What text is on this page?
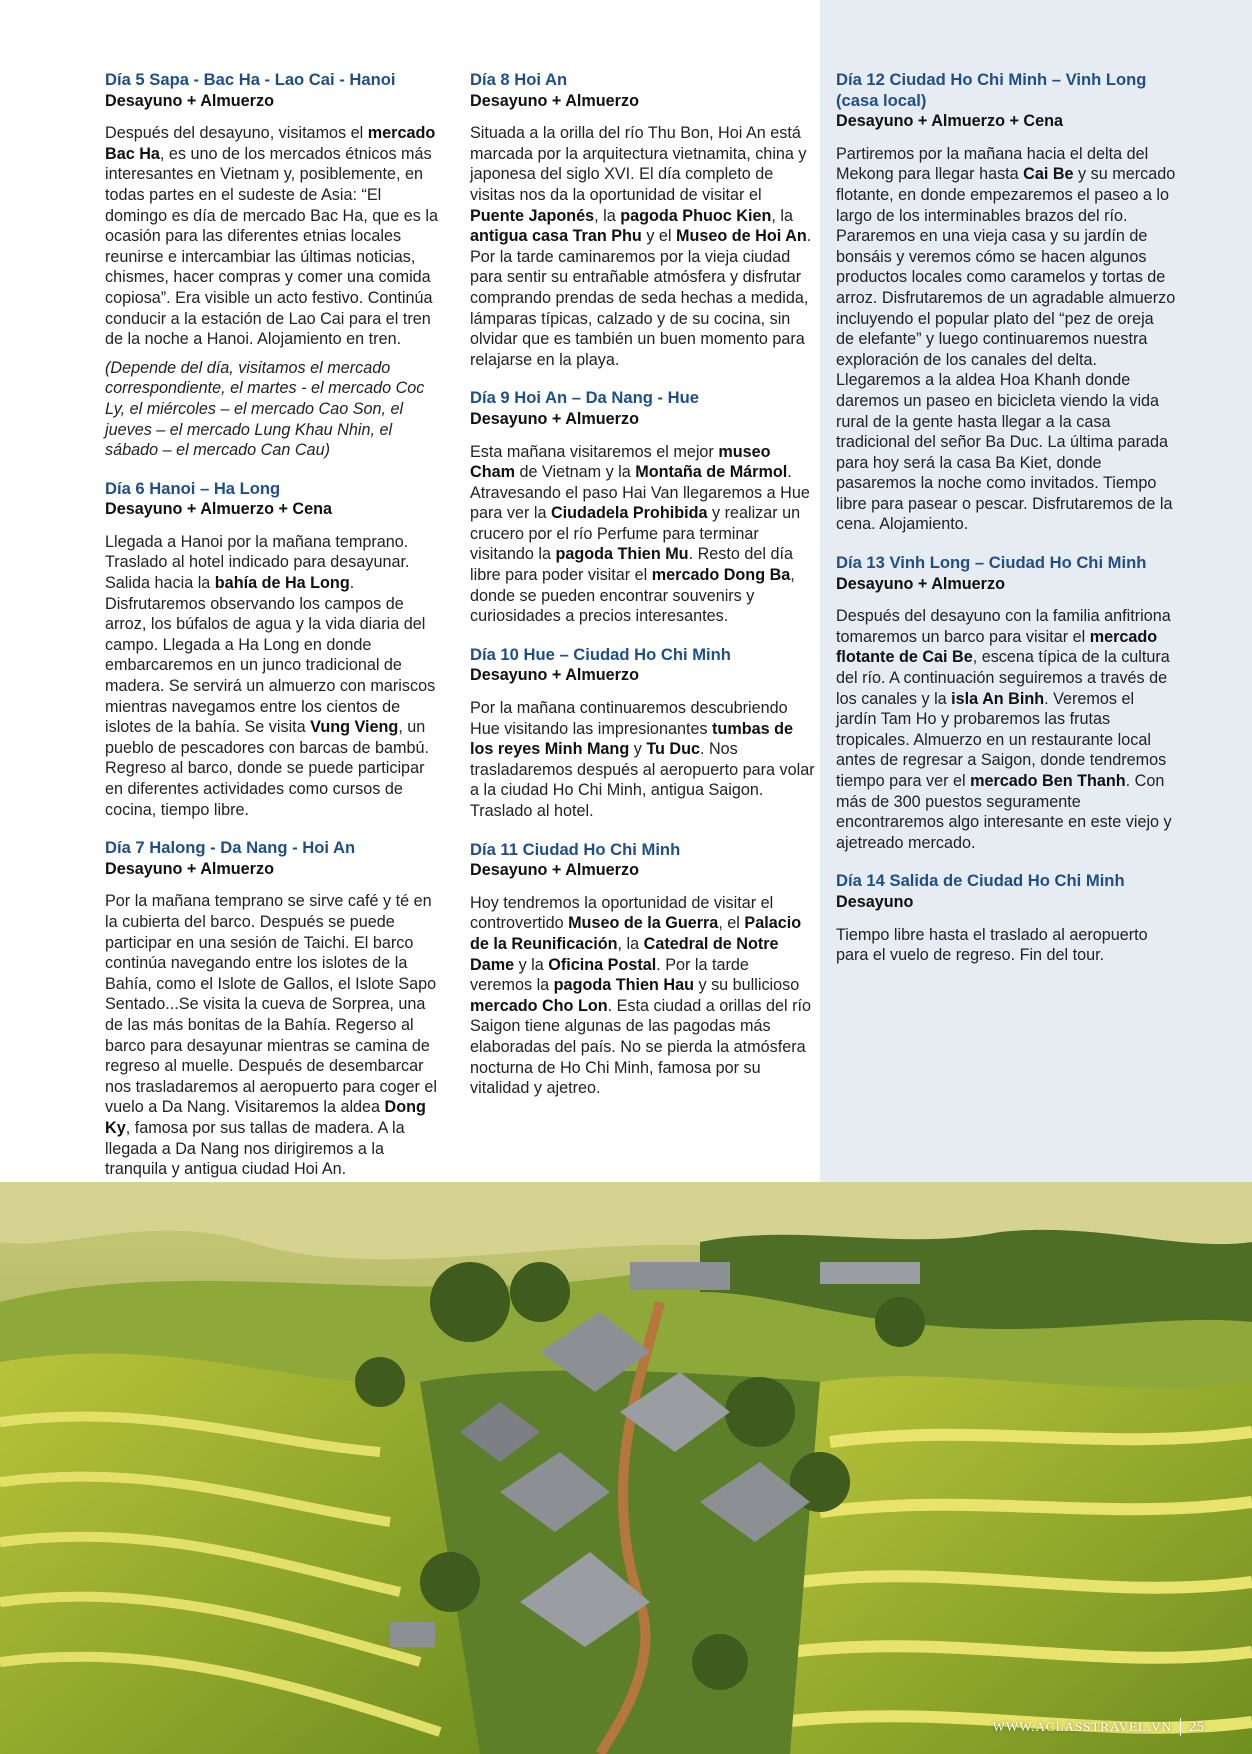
Día 5 Sapa - Bac Ha - Lao Cai - Hanoi
Desayuno + Almuerzo

Después del desayuno, visitamos el mercado Bac Ha, es uno de los mercados étnicos más interesantes en Vietnam y, posiblemente, en todas partes en el sudeste de Asia: “El domingo es día de mercado Bac Ha, que es la ocasión para las diferentes etnias locales reunirse e intercambiar las últimas noticias, chismes, hacer compras y comer una comida copiosa”. Era visible un acto festivo. Continúa conducir a la estación de Lao Cai para el tren de la noche a Hanoi. Alojamiento en tren.

(Depende del día, visitamos el mercado correspondiente, el martes - el mercado Coc Ly, el miércoles – el mercado Cao Son, el jueves – el mercado Lung Khau Nhin, el sábado – el mercado Can Cau)

Día 6 Hanoi – Ha Long
Desayuno + Almuerzo + Cena

Llegada a Hanoi por la mañana temprano. Traslado al hotel indicado para desayunar. Salida hacia la bahía de Ha Long. Disfrutaremos observando los campos de arroz, los búfalos de agua y la vida diaria del campo. Llegada a Ha Long en donde embarcaremos en un junco tradicional de madera. Se servirá un almuerzo con mariscos mientras navegamos entre los cientos de islotes de la bahía. Se visita Vung Vieng, un pueblo de pescadores con barcas de bambú. Regreso al barco, donde se puede participar en diferentes actividades como cursos de cocina, tiempo libre.

Día 7 Halong - Da Nang - Hoi An
Desayuno + Almuerzo

Por la mañana temprano se sirve café y té en la cubierta del barco. Después se puede participar en una sesión de Taichi. El barco continúa navegando entre los islotes de la Bahía, como el Islote de Gallos, el Islote Sapo Sentado...Se visita la cueva de Sorprea, una de las más bonitas de la Bahía. Regerso al barco para desayunar mientras se camina de regreso al muelle. Después de desembarcar nos trasladaremos al aeropuerto para coger el vuelo a Da Nang. Visitaremos la aldea Dong Ky, famosa por sus tallas de madera. A la llegada a Da Nang nos dirigiremos a la tranquila y antigua ciudad Hoi An.

Día 8 Hoi An
Desayuno + Almuerzo

Situada a la orilla del río Thu Bon, Hoi An está marcada por la arquitectura vietnamita, china y japonesa del siglo XVI. El día completo de visitas nos da la oportunidad de visitar el Puente Japonés, la pagoda Phuoc Kien, la antigua casa Tran Phu y el Museo de Hoi An. Por la tarde caminaremos por la vieja ciudad para sentir su entrañable atmósfera y disfrutar comprando prendas de seda hechas a medida, lámparas típicas, calzado y de su cocina, sin olvidar que es también un buen momento para relajarse en la playa.

Día 9 Hoi An – Da Nang - Hue
Desayuno + Almuerzo

Esta mañana visitaremos el mejor museo Cham de Vietnam y la Montaña de Mármol. Atravesando el paso Hai Van llegaremos a Hue para ver la Ciudadela Prohibida y realizar un crucero por el río Perfume para terminar visitando la pagoda Thien Mu. Resto del día libre para poder visitar el mercado Dong Ba, donde se pueden encontrar souvenirs y curiosidades a precios interesantes.

Día 10 Hue – Ciudad Ho Chi Minh
Desayuno + Almuerzo

Por la mañana continuaremos descubriendo Hue visitando las impresionantes tumbas de los reyes Minh Mang y Tu Duc. Nos trasladaremos después al aeropuerto para volar a la ciudad Ho Chi Minh, antigua Saigon. Traslado al hotel.

Día 11 Ciudad Ho Chi Minh
Desayuno + Almuerzo

Hoy tendremos la oportunidad de visitar el controvertido Museo de la Guerra, el Palacio de la Reunificación, la Catedral de Notre Dame y la Oficina Postal. Por la tarde veremos la pagoda Thien Hau y su bullicioso mercado Cho Lon. Esta ciudad a orillas del río Saigon tiene algunas de las pagodas más elaboradas del país. No se pierda la atmósfera nocturna de Ho Chi Minh, famosa por su vitalidad y ajetreo.

Día 12 Ciudad Ho Chi Minh – Vinh Long (casa local)
Desayuno + Almuerzo + Cena

Partiremos por la mañana hacia el delta del Mekong para llegar hasta Cai Be y su mercado flotante, en donde empezaremos el paseo a lo largo de los interminables brazos del río. Pararemos en una vieja casa y su jardín de bonsáis y veremos cómo se hacen algunos productos locales como caramelos y tortas de arroz. Disfrutaremos de un agradable almuerzo incluyendo el popular plato del “pez de oreja de elefante” y luego continuaremos nuestra exploración de los canales del delta. Llegaremos a la aldea Hoa Khanh donde daremos un paseo en bicicleta viendo la vida rural de la gente hasta llegar a la casa tradicional del señor Ba Duc. La última parada para hoy será la casa Ba Kiet, donde pasaremos la noche como invitados. Tiempo libre para pasear o pescar. Disfrutaremos de la cena. Alojamiento.

Día 13 Vinh Long – Ciudad Ho Chi Minh
Desayuno + Almuerzo

Después del desayuno con la familia anfitriona tomaremos un barco para visitar el mercado flotante de Cai Be, escena típica de la cultura del río. A continuación seguiremos a través de los canales y la isla An Binh. Veremos el jardín Tam Ho y probaremos las frutas tropicales. Almuerzo en un restaurante local antes de regresar a Saigon, donde tendremos tiempo para ver el mercado Ben Thanh. Con más de 300 puestos seguramente encontraremos algo interesante en este viejo y ajetreado mercado.

Día 14 Salida de Ciudad Ho Chi Minh
Desayuno

Tiempo libre hasta el traslado al aeropuerto para el vuelo de regreso. Fin del tour.

WWW.ACLASSTRAVEL.VN 25
